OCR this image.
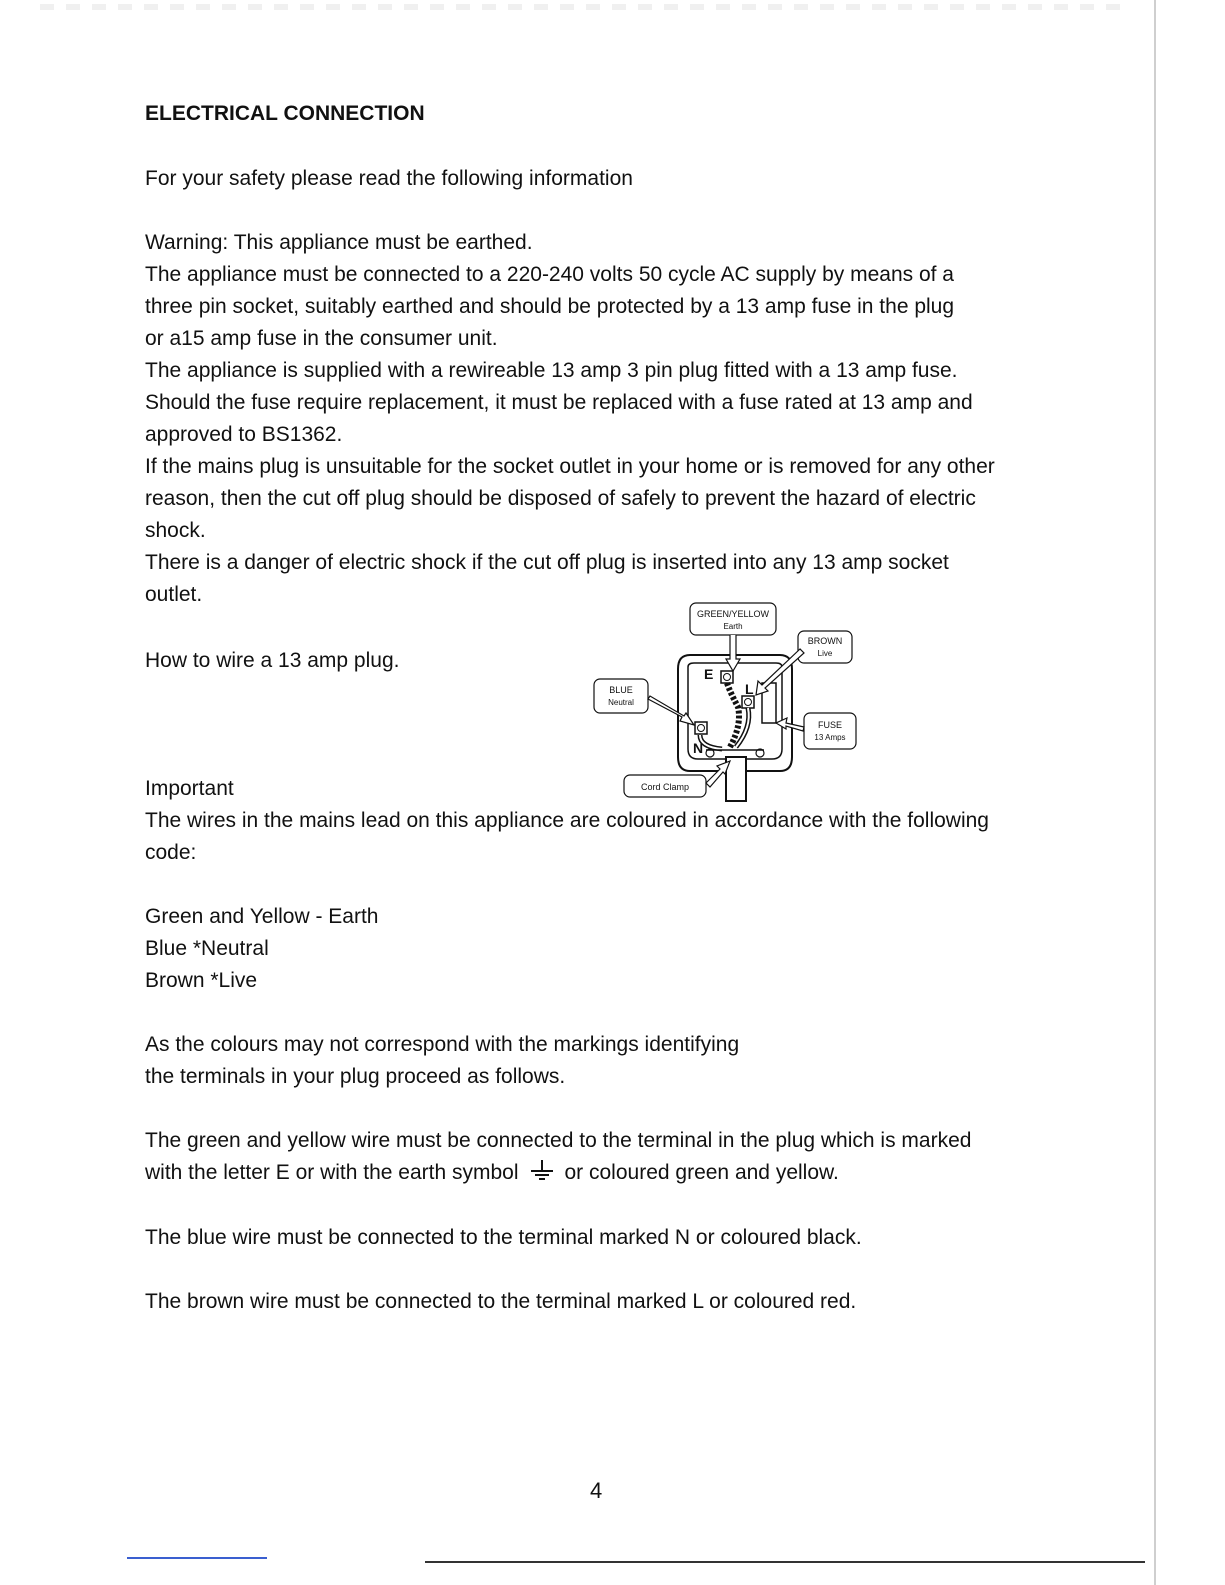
ELECTRICAL CONNECTION
For your safety please read the following information
Warning: This appliance must be earthed.
The appliance must be connected to a 220-240 volts 50 cycle AC supply by means of a
three pin socket, suitably earthed and should be protected by a 13 amp fuse in the plug
or a15 amp fuse in the consumer unit.
The appliance is supplied with a rewireable 13 amp 3 pin plug fitted with a 13 amp fuse.
Should the fuse require replacement, it must be replaced with a fuse rated at 13 amp and
approved to BS1362.
If the mains plug is unsuitable for the socket outlet in your home or is removed for any other
reason, then the cut off plug should be disposed of safely to prevent the hazard of electric
shock.
There is a danger of electric shock if the cut off plug is inserted into any 13 amp socket
outlet.
How to wire a 13 amp plug.
Important
The wires in the mains lead on this appliance are coloured in accordance with the following
code:
Green and Yellow - Earth
Blue *Neutral
Brown *Live
As the colours may not correspond with the markings identifying
the terminals in your plug proceed as follows.
The green and yellow wire must be connected to the terminal in the plug which is marked
with the letter E or with the earth symbol or coloured green and yellow.
The blue wire must be connected to the terminal marked N or coloured black.
The brown wire must be connected to the terminal marked L or coloured red.
E
L
N
GREEN/YELLOW
Earth
BROWN
Live
BLUE
Neutral
FUSE
13 Amps
Cord Clamp
4
